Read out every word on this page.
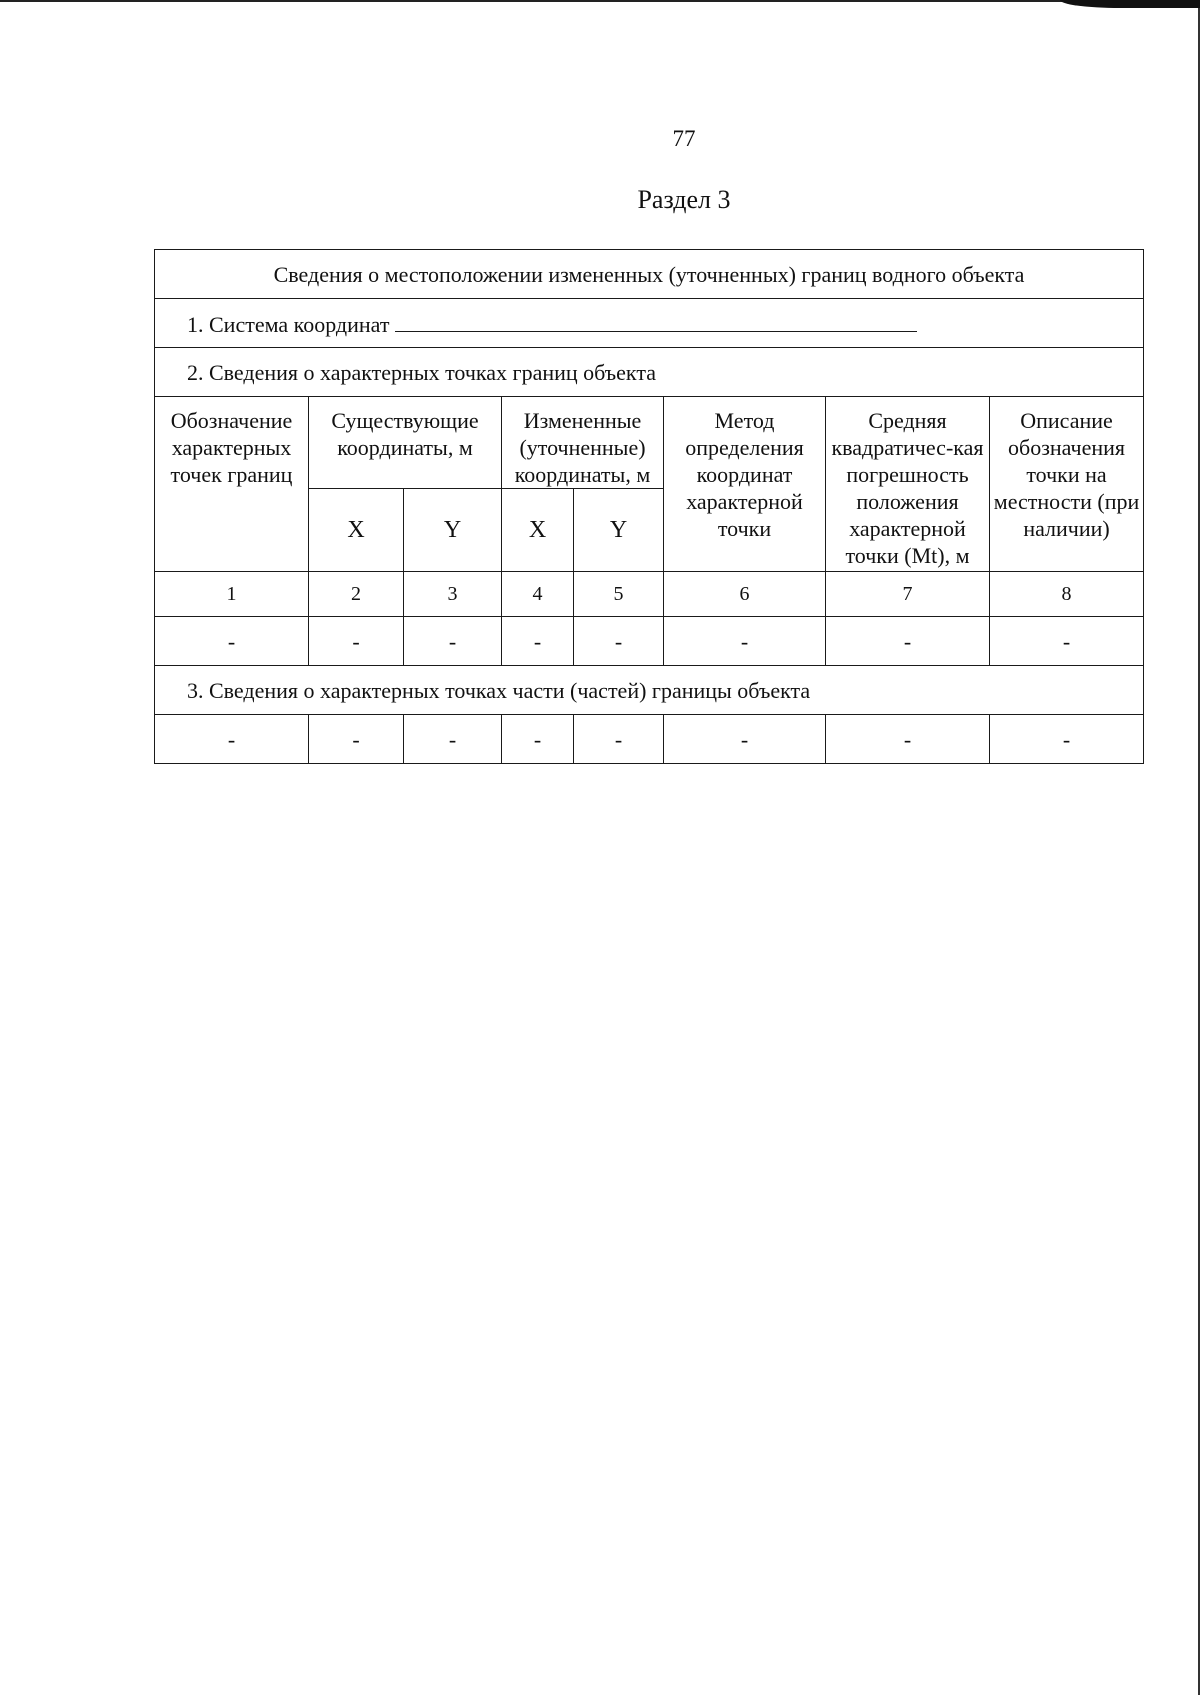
77
Раздел 3
Сведения о местоположении измененных (уточненных) границ водного объекта							
1. Система координат							
2. Сведения о характерных точках границ объекта							
Обозначение характерных точек границ	Существующие координаты, м		Измененные (уточненные) координаты, м		Метод определения координат характерной точки	Средняя квадратичес-кая погрешность положения характерной точки (Mt), м	Описание обозначения точки на местности (при наличии)
	X	Y	X	Y			
1	2	3	4	5	6	7	8
-	-	-	-	-	-	-	-
3. Сведения о характерных точках части (частей) границы объекта							
-	-	-	-	-	-	-	-
